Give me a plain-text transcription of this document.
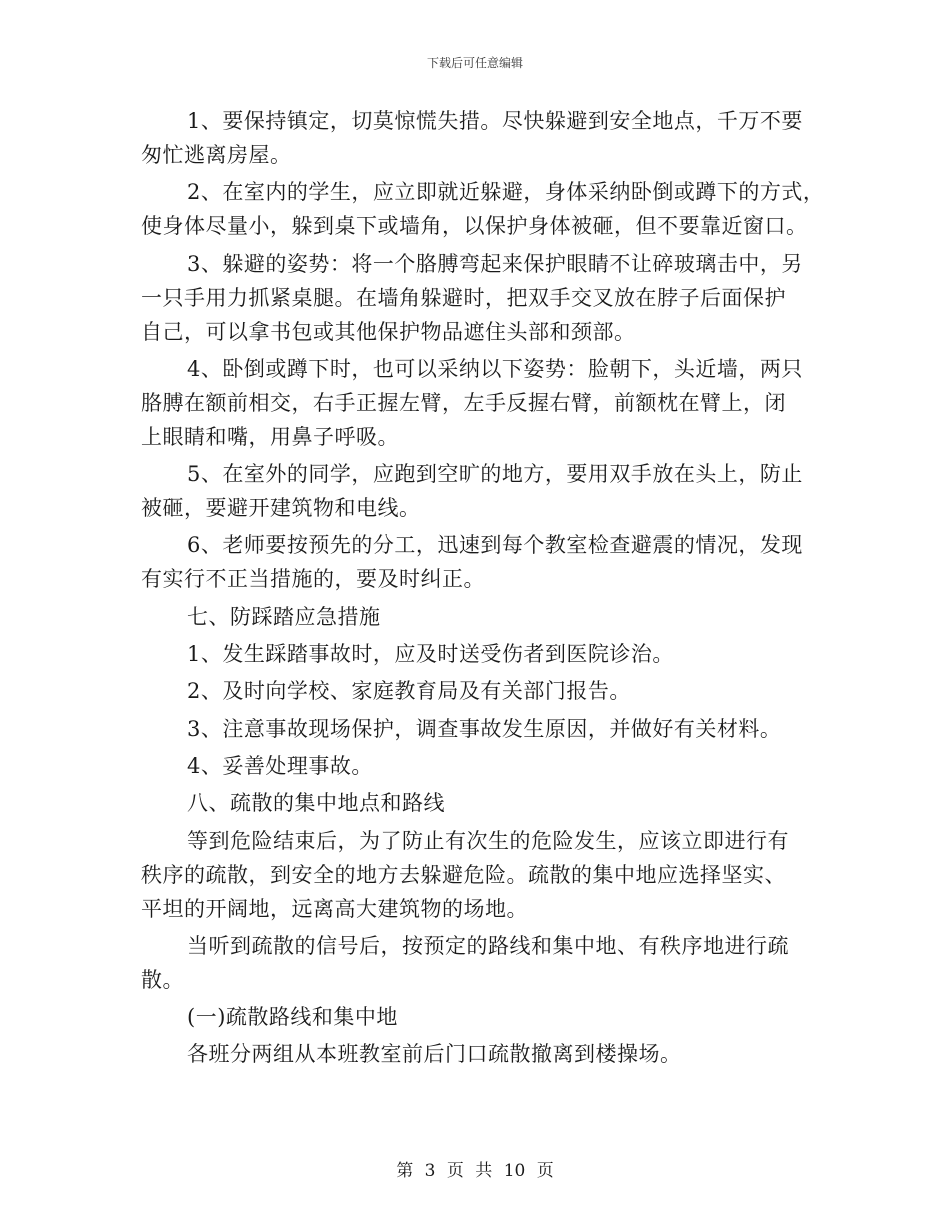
下载后可任意编辑

1、要保持镇定，切莫惊慌失措。尽快躲避到安全地点，千万不要

匆忙逃离房屋。

2、在室内的学生，应立即就近躲避，身体采纳卧倒或蹲下的方式，

使身体尽量小，躲到桌下或墙角，以保护身体被砸，但不要靠近窗口。

3、躲避的姿势：将一个胳膊弯起来保护眼睛不让碎玻璃击中，另

一只手用力抓紧桌腿。在墙角躲避时，把双手交叉放在脖子后面保护

自己，可以拿书包或其他保护物品遮住头部和颈部。

4、卧倒或蹲下时，也可以采纳以下姿势：脸朝下，头近墙，两只

胳膊在额前相交，右手正握左臂，左手反握右臂，前额枕在臂上，闭

上眼睛和嘴，用鼻子呼吸。

5、在室外的同学，应跑到空旷的地方，要用双手放在头上，防止

被砸，要避开建筑物和电线。

6、老师要按预先的分工，迅速到每个教室检查避震的情况，发现

有实行不正当措施的，要及时纠正。

七、防踩踏应急措施

1、发生踩踏事故时，应及时送受伤者到医院诊治。

2、及时向学校、家庭教育局及有关部门报告。

3、注意事故现场保护，调查事故发生原因，并做好有关材料。

4、妥善处理事故。

八、疏散的集中地点和路线

等到危险结束后，为了防止有次生的危险发生，应该立即进行有

秩序的疏散，到安全的地方去躲避危险。疏散的集中地应选择坚实、

平坦的开阔地，远离高大建筑物的场地。

当听到疏散的信号后，按预定的路线和集中地、有秩序地进行疏

散。

(一)疏散路线和集中地

各班分两组从本班教室前后门口疏散撤离到楼操场。

第 3 页 共 10 页
